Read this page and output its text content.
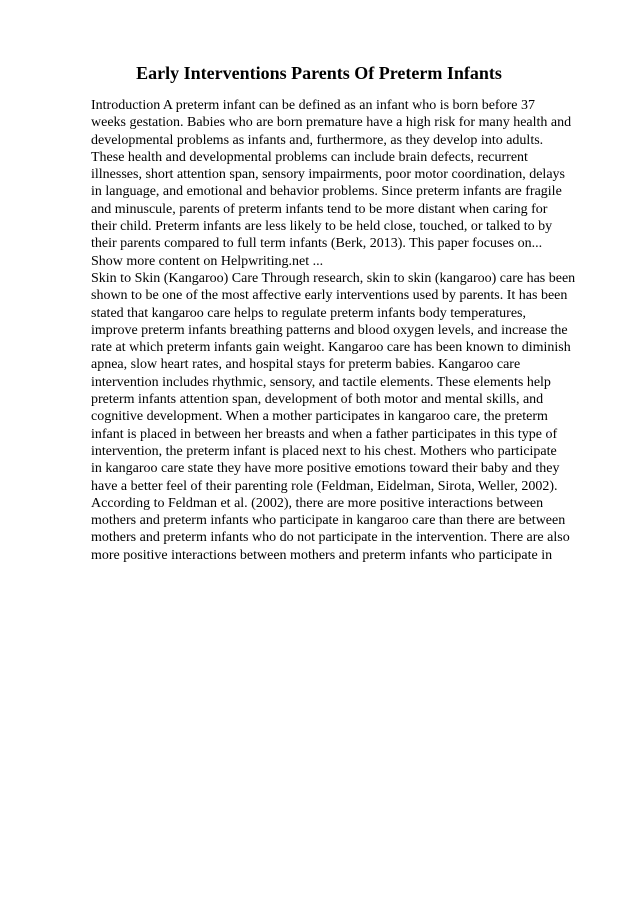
Early Interventions Parents Of Preterm Infants
Introduction A preterm infant can be defined as an infant who is born before 37
weeks gestation. Babies who are born premature have a high risk for many health and
developmental problems as infants and, furthermore, as they develop into adults.
These health and developmental problems can include brain defects, recurrent
illnesses, short attention span, sensory impairments, poor motor coordination, delays
in language, and emotional and behavior problems. Since preterm infants are fragile
and minuscule, parents of preterm infants tend to be more distant when caring for
their child. Preterm infants are less likely to be held close, touched, or talked to by
their parents compared to full term infants (Berk, 2013). This paper focuses on...
Show more content on Helpwriting.net ...
Skin to Skin (Kangaroo) Care Through research, skin to skin (kangaroo) care has been
shown to be one of the most affective early interventions used by parents. It has been
stated that kangaroo care helps to regulate preterm infants body temperatures,
improve preterm infants breathing patterns and blood oxygen levels, and increase the
rate at which preterm infants gain weight. Kangaroo care has been known to diminish
apnea, slow heart rates, and hospital stays for preterm babies. Kangaroo care
intervention includes rhythmic, sensory, and tactile elements. These elements help
preterm infants attention span, development of both motor and mental skills, and
cognitive development. When a mother participates in kangaroo care, the preterm
infant is placed in between her breasts and when a father participates in this type of
intervention, the preterm infant is placed next to his chest. Mothers who participate
in kangaroo care state they have more positive emotions toward their baby and they
have a better feel of their parenting role (Feldman, Eidelman, Sirota, Weller, 2002).
According to Feldman et al. (2002), there are more positive interactions between
mothers and preterm infants who participate in kangaroo care than there are between
mothers and preterm infants who do not participate in the intervention. There are also
more positive interactions between mothers and preterm infants who participate in
